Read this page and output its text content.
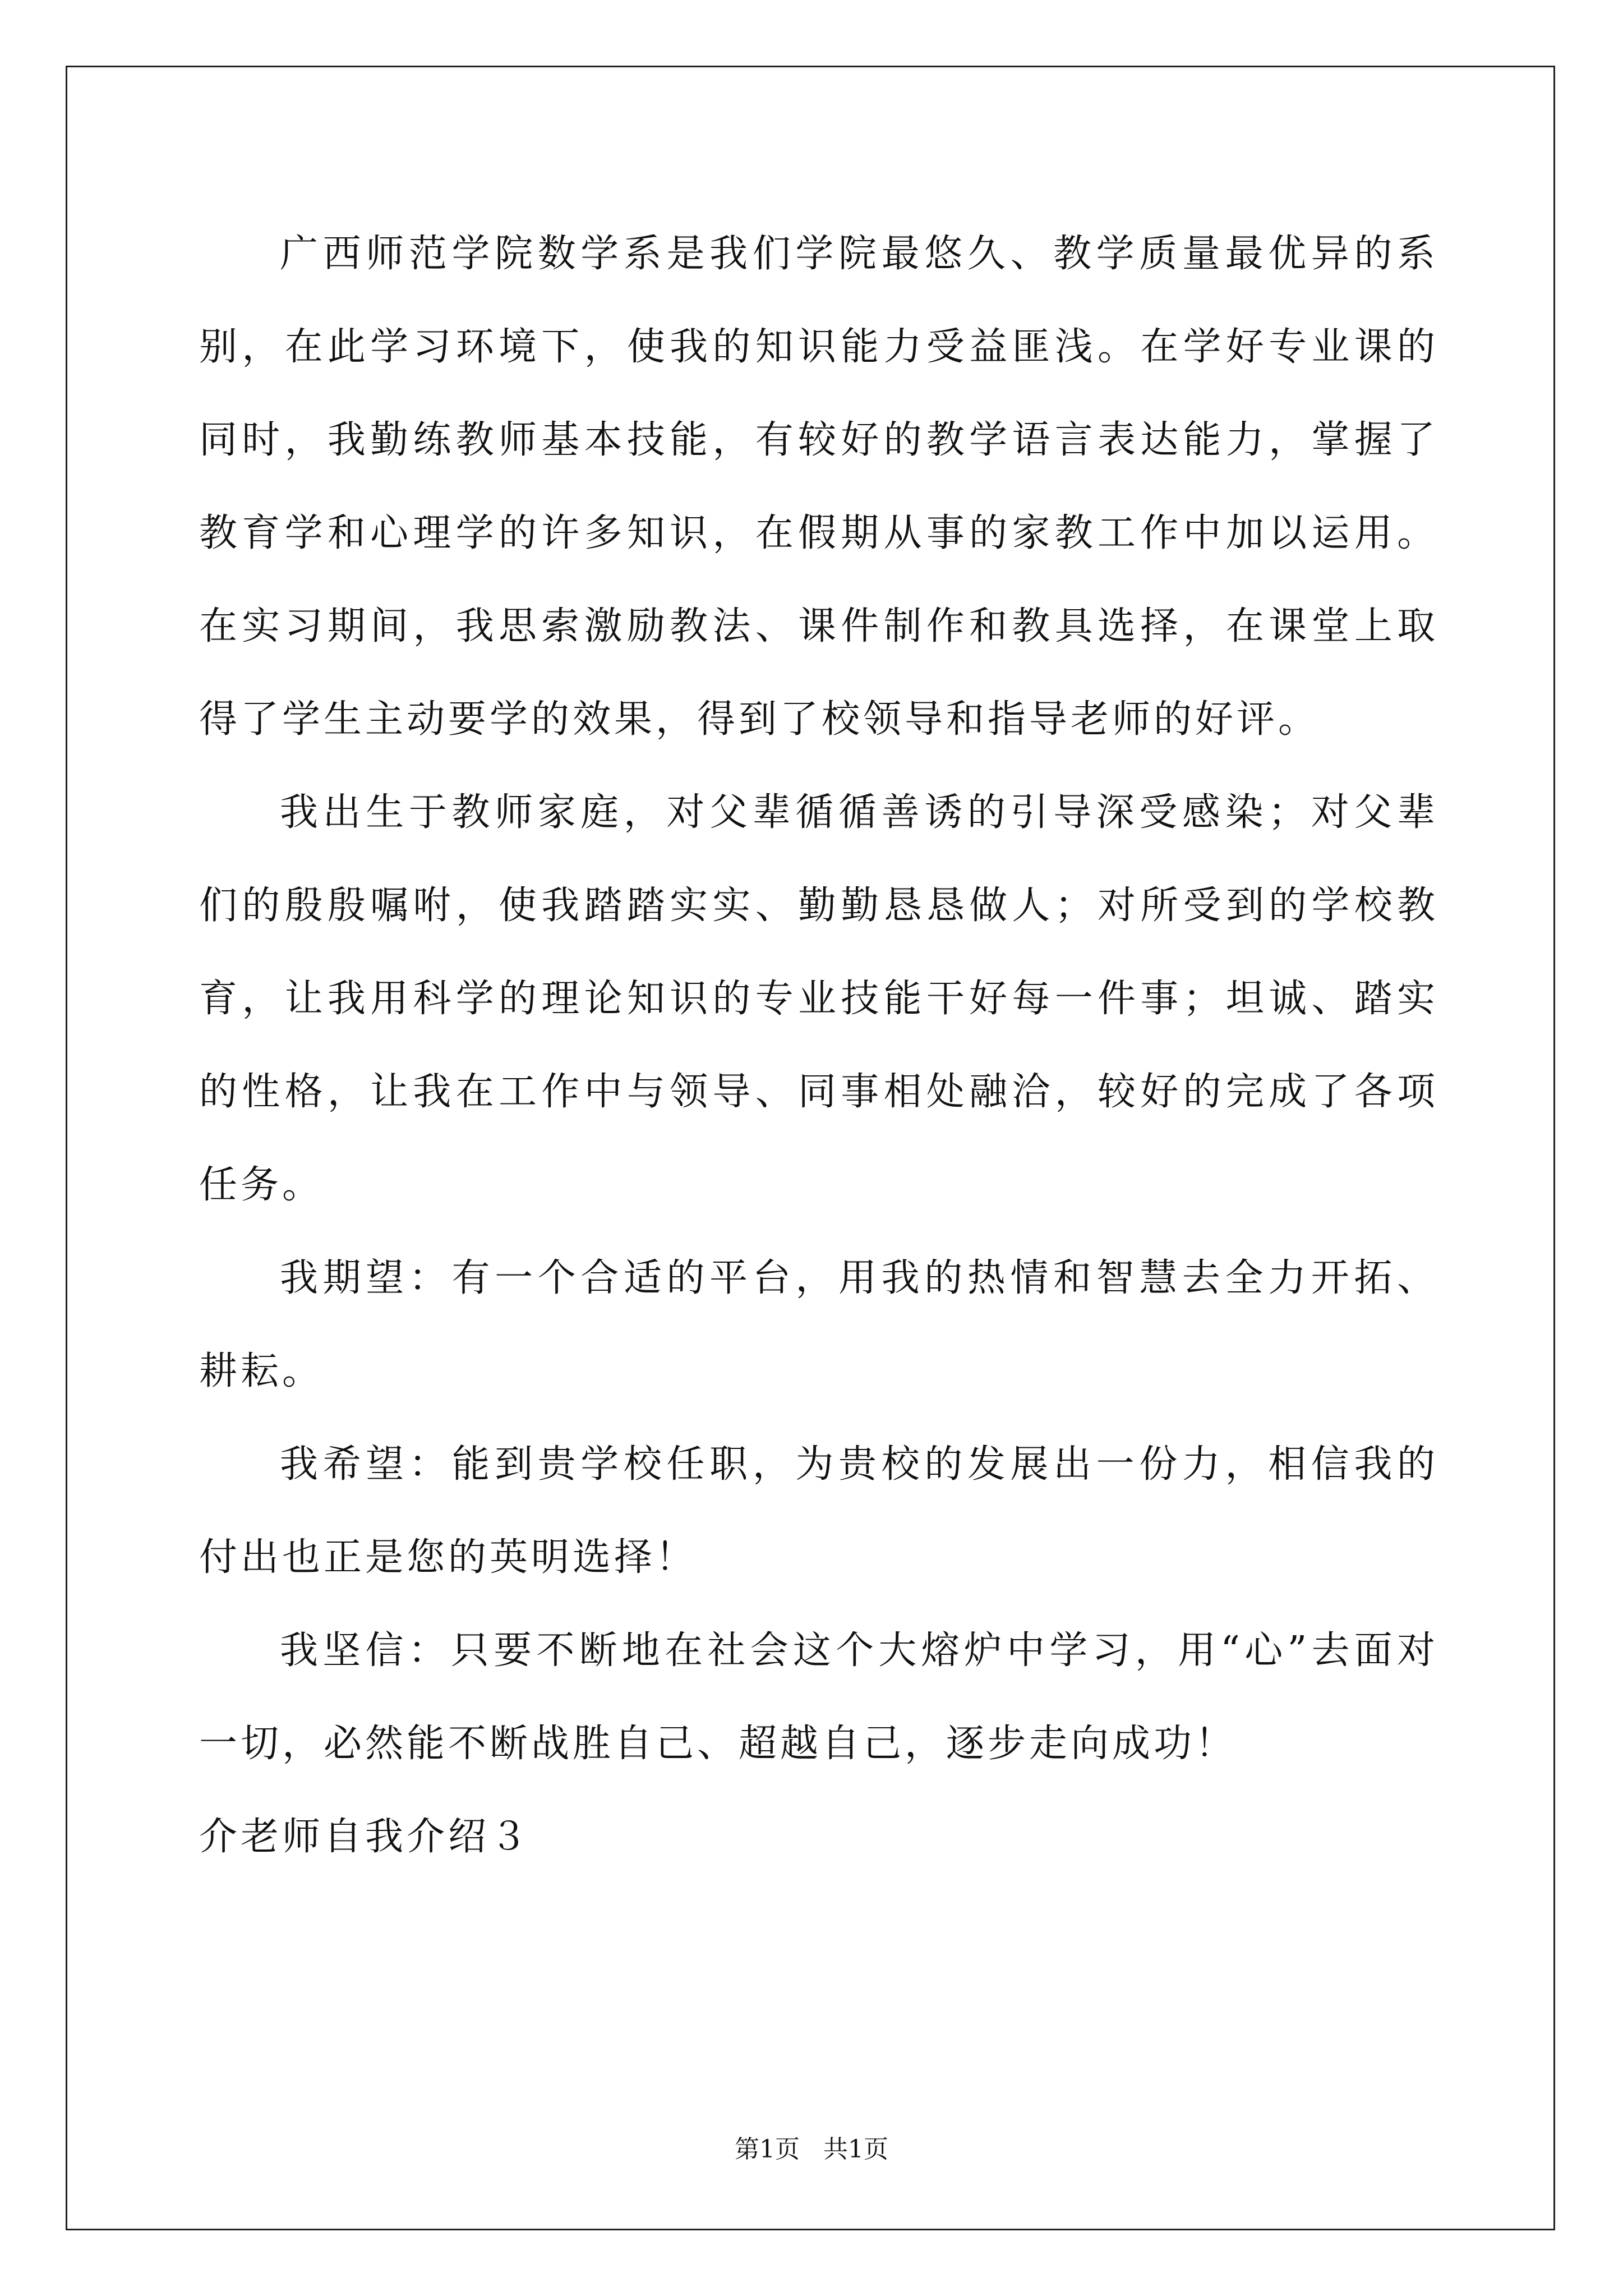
广西师范学院数学系是我们学院最悠久、教学质量最优异的系别，在此学习环境下，使我的知识能力受益匪浅。在学好专业课的同时，我勤练教师基本技能，有较好的教学语言表达能力，掌握了教育学和心理学的许多知识，在假期从事的家教工作中加以运用。在实习期间，我思索激励教法、课件制作和教具选择，在课堂上取得了学生主动要学的效果，得到了校领导和指导老师的好评。

我出生于教师家庭，对父辈循循善诱的引导深受感染；对父辈们的殷殷嘱咐，使我踏踏实实、勤勤恳恳做人；对所受到的学校教育，让我用科学的理论知识的专业技能干好每一件事；坦诚、踏实的性格，让我在工作中与领导、同事相处融洽，较好的完成了各项任务。

我期望：有一个合适的平台，用我的热情和智慧去全力开拓、耕耘。

我希望：能到贵学校任职，为贵校的发展出一份力，相信我的付出也正是您的英明选择！

我坚信：只要不断地在社会这个大熔炉中学习，用“心”去面对一切，必然能不断战胜自己、超越自己，逐步走向成功！

介老师自我介绍３

第1页 共1页
